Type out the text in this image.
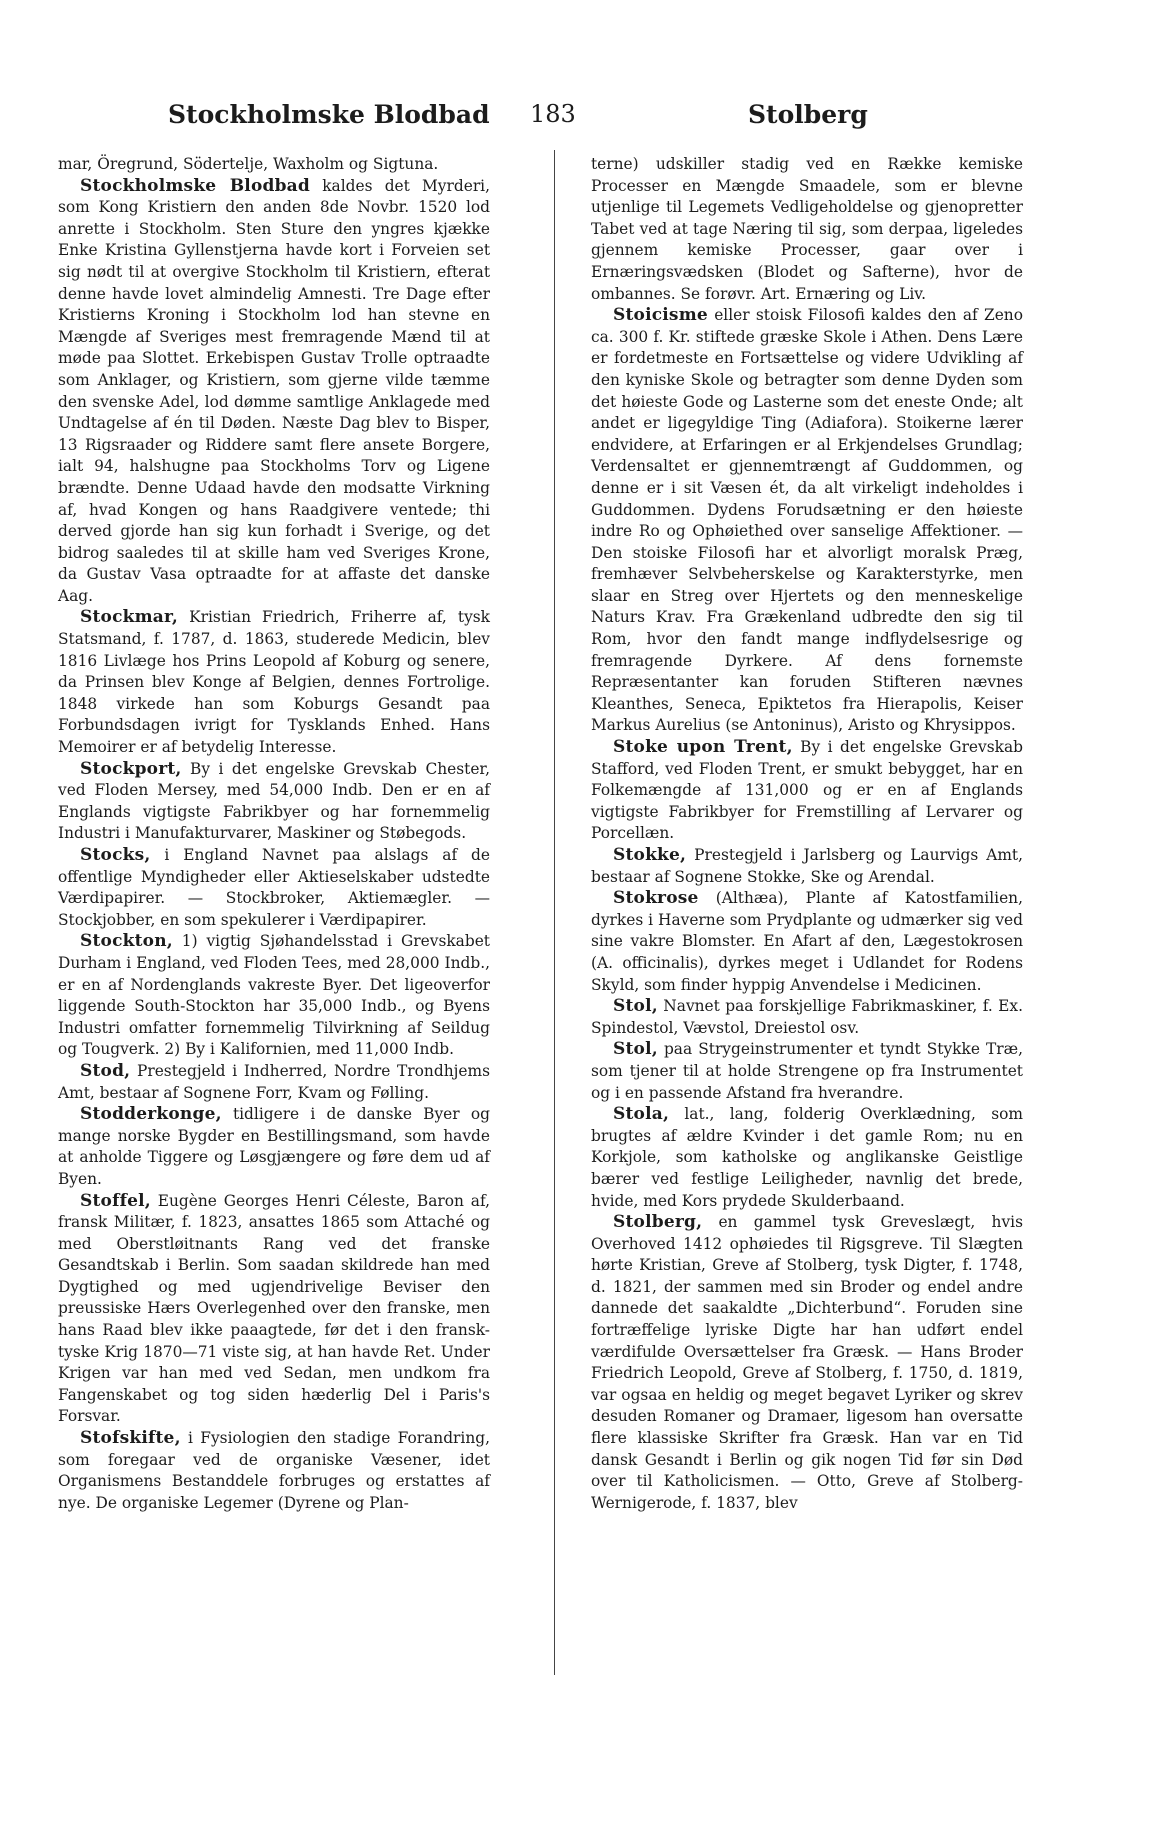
Stockholmske Blodbad 183	Stolberg

mar, Öregrund, Södertelje, Waxholm og Sigtuna.

Stockholmske Blodbad kaldes det Myrderi, som Kong Kristiern den anden 8de Novbr. 1520 lod anrette i Stockholm. Sten Sture den yngres kjække Enke Kristina Gyllenstjerna havde kort i Forveien set sig nødt til at overgive Stockholm til Kristiern, efterat denne havde lovet almindelig Amnesti. Tre Dage efter Kristierns Kroning i Stockholm lod han stevne en Mængde af Sveriges mest fremragende Mænd til at møde paa Slottet. Erkebispen Gustav Trolle optraadte som Anklager, og Kristiern, som gjerne vilde tæmme den svenske Adel, lod dømme samtlige Anklagede med Undtagelse af én til Døden. Næste Dag blev to Bisper, 13 Rigsraader og Riddere samt flere ansete Borgere, ialt 94, halshugne paa Stockholms Torv og Ligene brændte. Denne Udaad havde den modsatte Virkning af, hvad Kongen og hans Raadgivere ventede; thi derved gjorde han sig kun forhadt i Sverige, og det bidrog saaledes til at skille ham ved Sveriges Krone, da Gustav Vasa optraadte for at affaste det danske Aag.

Stockmar, Kristian Friedrich, Friherre af, tysk Statsmand, f. 1787, d. 1863, studerede Medicin, blev 1816 Livlæge hos Prins Leopold af Koburg og senere, da Prinsen blev Konge af Belgien, dennes Fortrolige. 1848 virkede han som Koburgs Gesandt paa Forbundsdagen ivrigt for Tysklands Enhed. Hans Memoirer er af betydelig Interesse.

Stockport, By i det engelske Grevskab Chester, ved Floden Mersey, med 54,000 Indb. Den er en af Englands vigtigste Fabrikbyer og har fornemmelig Industri i Manufakturvarer, Maskiner og Støbegods.

Stocks, i England Navnet paa alslags af de offentlige Myndigheder eller Aktieselskaber udstedte Værdipapirer. — Stockbroker, Aktiemægler. — Stockjobber, en som spekulerer i Værdipapirer.

Stockton, 1) vigtig Sjøhandelsstad i Grevskabet Durham i England, ved Floden Tees, med 28,000 Indb., er en af Nordenglands vakreste Byer. Det ligeoverfor liggende South-Stockton har 35,000 Indb., og Byens Industri omfatter fornemmelig Tilvirkning af Seildug og Tougverk. 2) By i Kalifornien, med 11,000 Indb.

Stod, Prestegjeld i Indherred, Nordre Trondhjems Amt, bestaar af Sognene Forr, Kvam og Følling.

Stodderkonge, tidligere i de danske Byer og mange norske Bygder en Bestillingsmand, som havde at anholde Tiggere og Løsgjængere og føre dem ud af Byen.

Stoffel, Eugène Georges Henri Céleste, Baron af, fransk Militær, f. 1823, ansattes 1865 som Attaché og med Oberstløitnants Rang ved det franske Gesandtskab i Berlin. Som saadan skildrede han med Dygtighed og med ugjendrivelige Beviser den preussiske Hærs Overlegenhed over den franske, men hans Raad blev ikke paaagtede, før det i den fransk-tyske Krig 1870—71 viste sig, at han havde Ret. Under Krigen var han med ved Sedan, men undkom fra Fangenskabet og tog siden hæderlig Del i Paris's Forsvar.

Stofskifte, i Fysiologien den stadige Forandring, som foregaar ved de organiske Væsener, idet Organismens Bestanddele forbruges og erstattes af nye. De organiske Legemer (Dyrene og Plan-

terne) udskiller stadig ved en Række kemiske Processer en Mængde Smaadele, som er blevne utjenlige til Legemets Vedligeholdelse og gjenopretter Tabet ved at tage Næring til sig, som derpaa, ligeledes gjennem kemiske Processer, gaar over i Ernæringsvædsken (Blodet og Safterne), hvor de ombannes. Se forøvr. Art. Ernæring og Liv.

Stoicisme eller stoisk Filosofi kaldes den af Zeno ca. 300 f. Kr. stiftede græske Skole i Athen. Dens Lære er fordetmeste en Fortsættelse og videre Udvikling af den kyniske Skole og betragter som denne Dyden som det høieste Gode og Lasterne som det eneste Onde; alt andet er ligegyldige Ting (Adiafora). Stoikerne lærer endvidere, at Erfaringen er al Erkjendelses Grundlag; Verdensaltet er gjennemtrængt af Guddommen, og denne er i sit Væsen ét, da alt virkeligt indeholdes i Guddommen. Dydens Forudsætning er den høieste indre Ro og Ophøiethed over sanselige Affektioner. — Den stoiske Filosofi har et alvorligt moralsk Præg, fremhæver Selvbeherskelse og Karakterstyrke, men slaar en Streg over Hjertets og den menneskelige Naturs Krav. Fra Grækenland udbredte den sig til Rom, hvor den fandt mange indflydelsesrige og fremragende Dyrkere. Af dens fornemste Repræsentanter kan foruden Stifteren nævnes Kleanthes, Seneca, Epiktetos fra Hierapolis, Keiser Markus Aurelius (se Antoninus), Aristo og Khrysippos.

Stoke upon Trent, By i det engelske Grevskab Stafford, ved Floden Trent, er smukt bebygget, har en Folkemængde af 131,000 og er en af Englands vigtigste Fabrikbyer for Fremstilling af Lervarer og Porcellæn.

Stokke, Prestegjeld i Jarlsberg og Laurvigs Amt, bestaar af Sognene Stokke, Ske og Arendal.

Stokrose (Althæa), Plante af Katostfamilien, dyrkes i Haverne som Prydplante og udmærker sig ved sine vakre Blomster. En Afart af den, Lægestokrosen (A. officinalis), dyrkes meget i Udlandet for Rodens Skyld, som finder hyppig Anvendelse i Medicinen.

Stol, Navnet paa forskjellige Fabrikmaskiner, f. Ex. Spindestol, Vævstol, Dreiestol osv.

Stol, paa Strygeinstrumenter et tyndt Stykke Træ, som tjener til at holde Strengene op fra Instrumentet og i en passende Afstand fra hverandre.

Stola, lat., lang, folderig Overklædning, som brugtes af ældre Kvinder i det gamle Rom; nu en Korkjole, som katholske og anglikanske Geistlige bærer ved festlige Leiligheder, navnlig det brede, hvide, med Kors prydede Skulderbaand.

Stolberg, en gammel tysk Greveslægt, hvis Overhoved 1412 ophøiedes til Rigsgreve. Til Slægten hørte Kristian, Greve af Stolberg, tysk Digter, f. 1748, d. 1821, der sammen med sin Broder og endel andre dannede det saakaldte „Dichterbund“. Foruden sine fortræffelige lyriske Digte har han udført endel værdifulde Oversættelser fra Græsk. — Hans Broder Friedrich Leopold, Greve af Stolberg, f. 1750, d. 1819, var ogsaa en heldig og meget begavet Lyriker og skrev desuden Romaner og Dramaer, ligesom han oversatte flere klassiske Skrifter fra Græsk. Han var en Tid dansk Gesandt i Berlin og gik nogen Tid før sin Død over til Katholicismen. — Otto, Greve af Stolberg-Wernigerode, f. 1837, blev
